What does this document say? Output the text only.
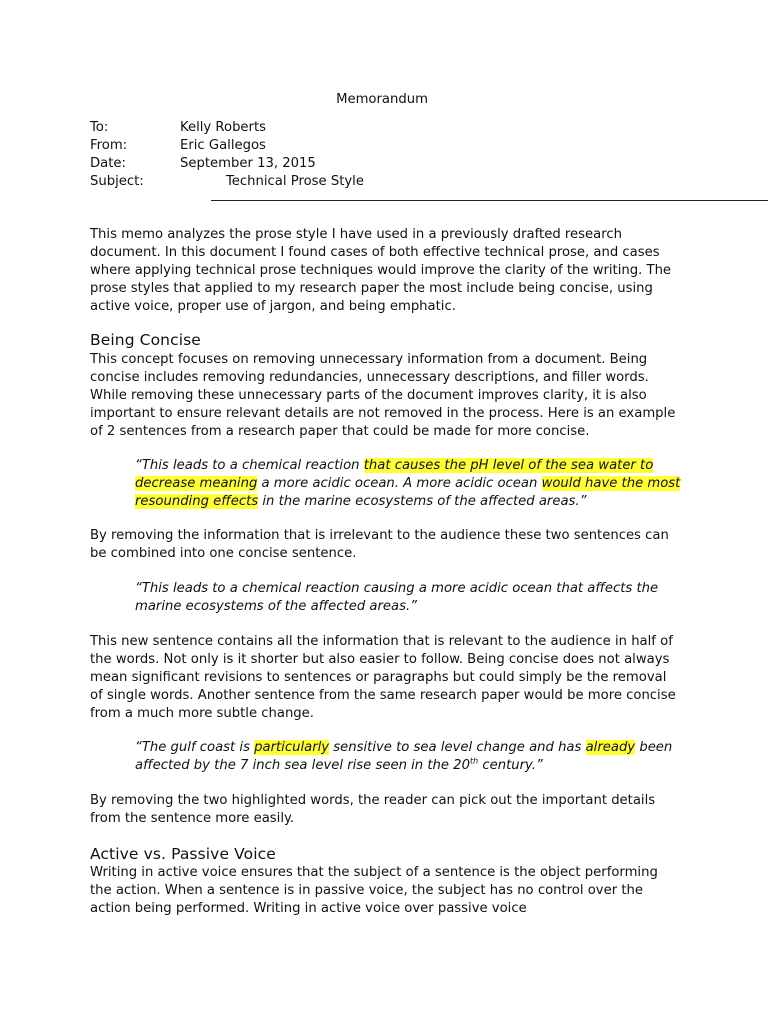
Memorandum
To:	Kelly Roberts
From:	Eric Gallegos
Date:	September 13, 2015
Subject:	Technical Prose Style

This memo analyzes the prose style I have used in a previously drafted research document. In this document I found cases of both effective technical prose, and cases where applying technical prose techniques would improve the clarity of the writing. The prose styles that applied to my research paper the most include being concise, using active voice, proper use of jargon, and being emphatic.

Being Concise

This concept focuses on removing unnecessary information from a document. Being concise includes removing redundancies, unnecessary descriptions, and filler words. While removing these unnecessary parts of the document improves clarity, it is also important to ensure relevant details are not removed in the process. Here is an example of 2 sentences from a research paper that could be made for more concise.

“This leads to a chemical reaction that causes the pH level of the sea water to decrease meaning a more acidic ocean. A more acidic ocean would have the most resounding effects in the marine ecosystems of the affected areas.”

By removing the information that is irrelevant to the audience these two sentences can be combined into one concise sentence.

“This leads to a chemical reaction causing a more acidic ocean that affects the marine ecosystems of the affected areas.”

This new sentence contains all the information that is relevant to the audience in half of the words. Not only is it shorter but also easier to follow. Being concise does not always mean significant revisions to sentences or paragraphs but could simply be the removal of single words. Another sentence from the same research paper would be more concise from a much more subtle change.

“The gulf coast is particularly sensitive to sea level change and has already been affected by the 7 inch sea level rise seen in the 20th century.”

By removing the two highlighted words, the reader can pick out the important details from the sentence more easily.

Active vs. Passive Voice

Writing in active voice ensures that the subject of a sentence is the object performing the action. When a sentence is in passive voice, the subject has no control over the action being performed. Writing in active voice over passive voice
